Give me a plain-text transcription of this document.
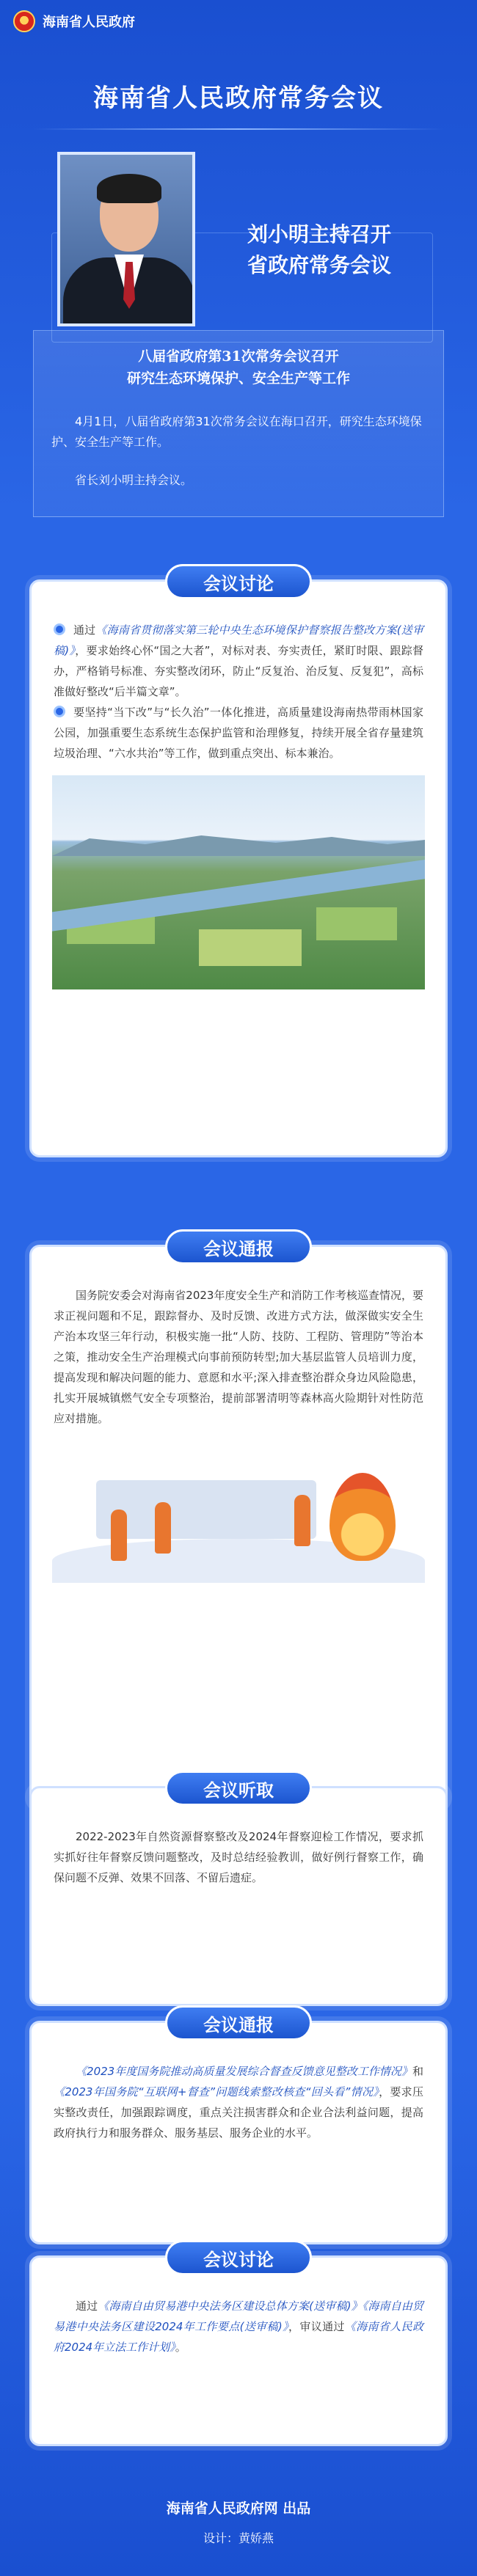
海南省人民政府
海南省人民政府常务会议
刘小明主持召开
省政府常务会议
八届省政府第31次常务会议召开
研究生态环境保护、安全生产等工作

4月1日，八届省政府第31次常务会议在海口召开，研究生态环境保护、安全生产等工作。

省长刘小明主持会议。

会议讨论
通过《海南省贯彻落实第三轮中央生态环境保护督察报告整改方案(送审稿)》，要求始终心怀“国之大者”，对标对表、夯实责任，紧盯时限、跟踪督办，严格销号标准、夯实整改闭环，防止“反复治、治反复、反复犯”，高标准做好整改“后半篇文章”。
要坚持“当下改”与“长久治”一体化推进，高质量建设海南热带雨林国家公园，加强重要生态系统生态保护监管和治理修复，持续开展全省存量建筑垃圾治理、“六水共治”等工作，做到重点突出、标本兼治。
会议通报
国务院安委会对海南省2023年度安全生产和消防工作考核巡查情况，要求正视问题和不足，跟踪督办、及时反馈、改进方式方法，做深做实安全生产治本攻坚三年行动，积极实施一批“人防、技防、工程防、管理防”等治本之策，推动安全生产治理模式向事前预防转型;加大基层监管人员培训力度，提高发现和解决问题的能力、意愿和水平;深入排查整治群众身边风险隐患，扎实开展城镇燃气安全专项整治，提前部署清明等森林高火险期针对性防范应对措施。
会议听取
2022-2023年自然资源督察整改及2024年督察迎检工作情况，要求抓实抓好往年督察反馈问题整改，及时总结经验教训，做好例行督察工作，确保问题不反弹、效果不回落、不留后遗症。
会议通报
《2023年度国务院推动高质量发展综合督查反馈意见整改工作情况》和《2023年国务院“互联网+督查”问题线索整改核查“回头看”情况》，要求压实整改责任，加强跟踪调度，重点关注损害群众和企业合法利益问题，提高政府执行力和服务群众、服务基层、服务企业的水平。
会议讨论
通过《海南自由贸易港中央法务区建设总体方案(送审稿)》《海南自由贸易港中央法务区建设2024年工作要点(送审稿)》，审议通过《海南省人民政府2024年立法工作计划》。
海南省人民政府网 出品
设计：黄娇燕
